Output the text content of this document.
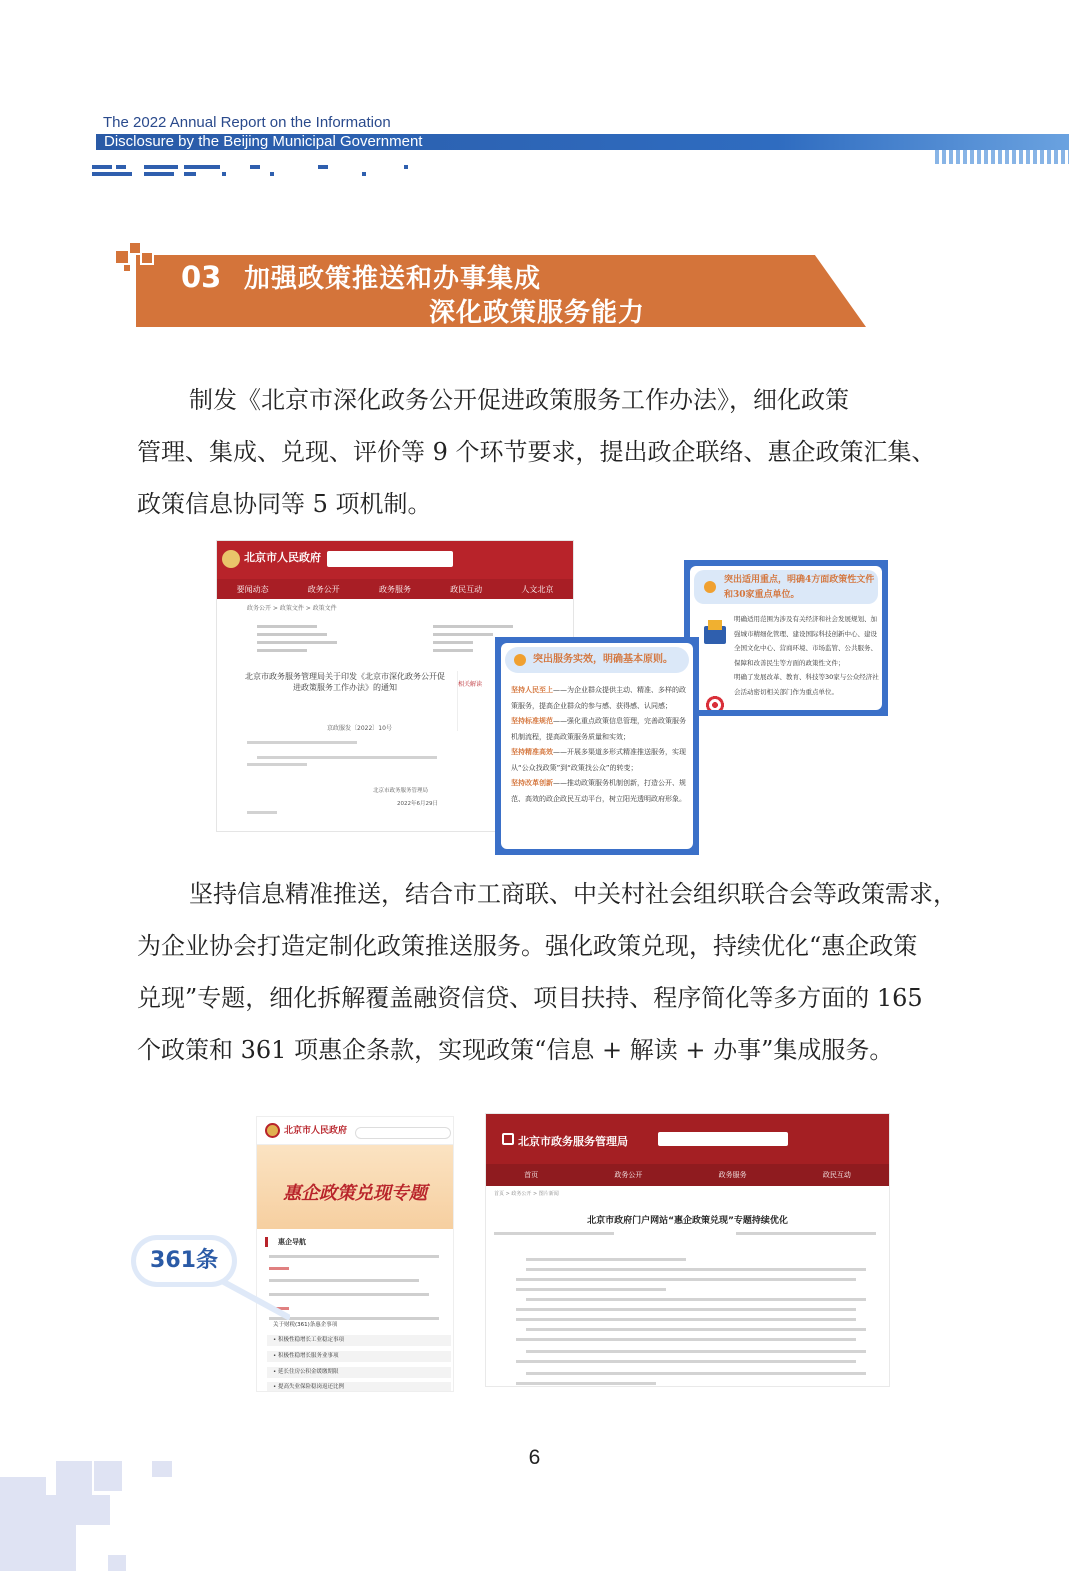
The 2022 Annual Report on the Information
Disclosure by the Beijing Municipal Government
03 加强政策推送和办事集成
深化政策服务能力
制发《北京市深化政务公开促进政策服务工作办法》，细化政策
管理、集成、兑现、评价等 9 个环节要求，提出政企联络、惠企政策汇集、
政策信息协同等 5 项机制。
北京市人民政府
要闻动态	政务公开	政务服务	政民互动	人文北京
政务公开 > 政策文件 > 政策文件
北京市政务服务管理局关于印发《北京市深化政务公开促进政策服务工作办法》的通知	相关解读
京政服发〔2022〕10号
北京市政务服务管理局
2022年6月29日
突出适用重点，明确4方面政策性文件和30家重点单位。

明确适用范围为涉及有关经济和社会发展规划、加强城市精细化管理、建设国际科技创新中心、建设全国文化中心、营商环境、市场监管、公共服务、保障和改善民生等方面的政策性文件；

明确了发展改革、教育、科技等30家与公众经济社会活动密切相关部门作为重点单位。

突出服务实效，明确基本原则。

坚持人民至上——为企业群众提供主动、精准、多样的政策服务，提高企业群众的参与感、获得感、认同感；

坚持标准规范——强化重点政策信息管理，完善政策服务机制流程，提高政策服务质量和实效；

坚持精准高效——开展多渠道多形式精准推送服务，实现从“公众找政策”到“政策找公众”的转变；

坚持改革创新——推动政策服务机制创新，打造公开、规范、高效的政企政民互动平台，树立阳光透明政府形象。

坚持信息精准推送，结合市工商联、中关村社会组织联合会等政策需求，
为企业协会打造定制化政策推送服务。强化政策兑现，持续优化“惠企政策
兑现”专题，细化拆解覆盖融资信贷、项目扶持、程序简化等多方面的 165
个政策和 361 项惠企条款，实现政策“信息 + 解读 + 办事”集成服务。
北京市人民政府
惠企政策兑现专题
惠企导航
关于财税(361)条惠企事项
• 积极性稳增长工业稳定事项
• 积极性稳增长服务业事项
• 延长住房公积金缓缴期限
• 提高失业保险稳岗返还比例
361条
北京市政务服务管理局
首页	政务公开	政务服务	政民互动
首页 > 政务公开 > 图片新闻
北京市政府门户网站“惠企政策兑现”专题持续优化
6
